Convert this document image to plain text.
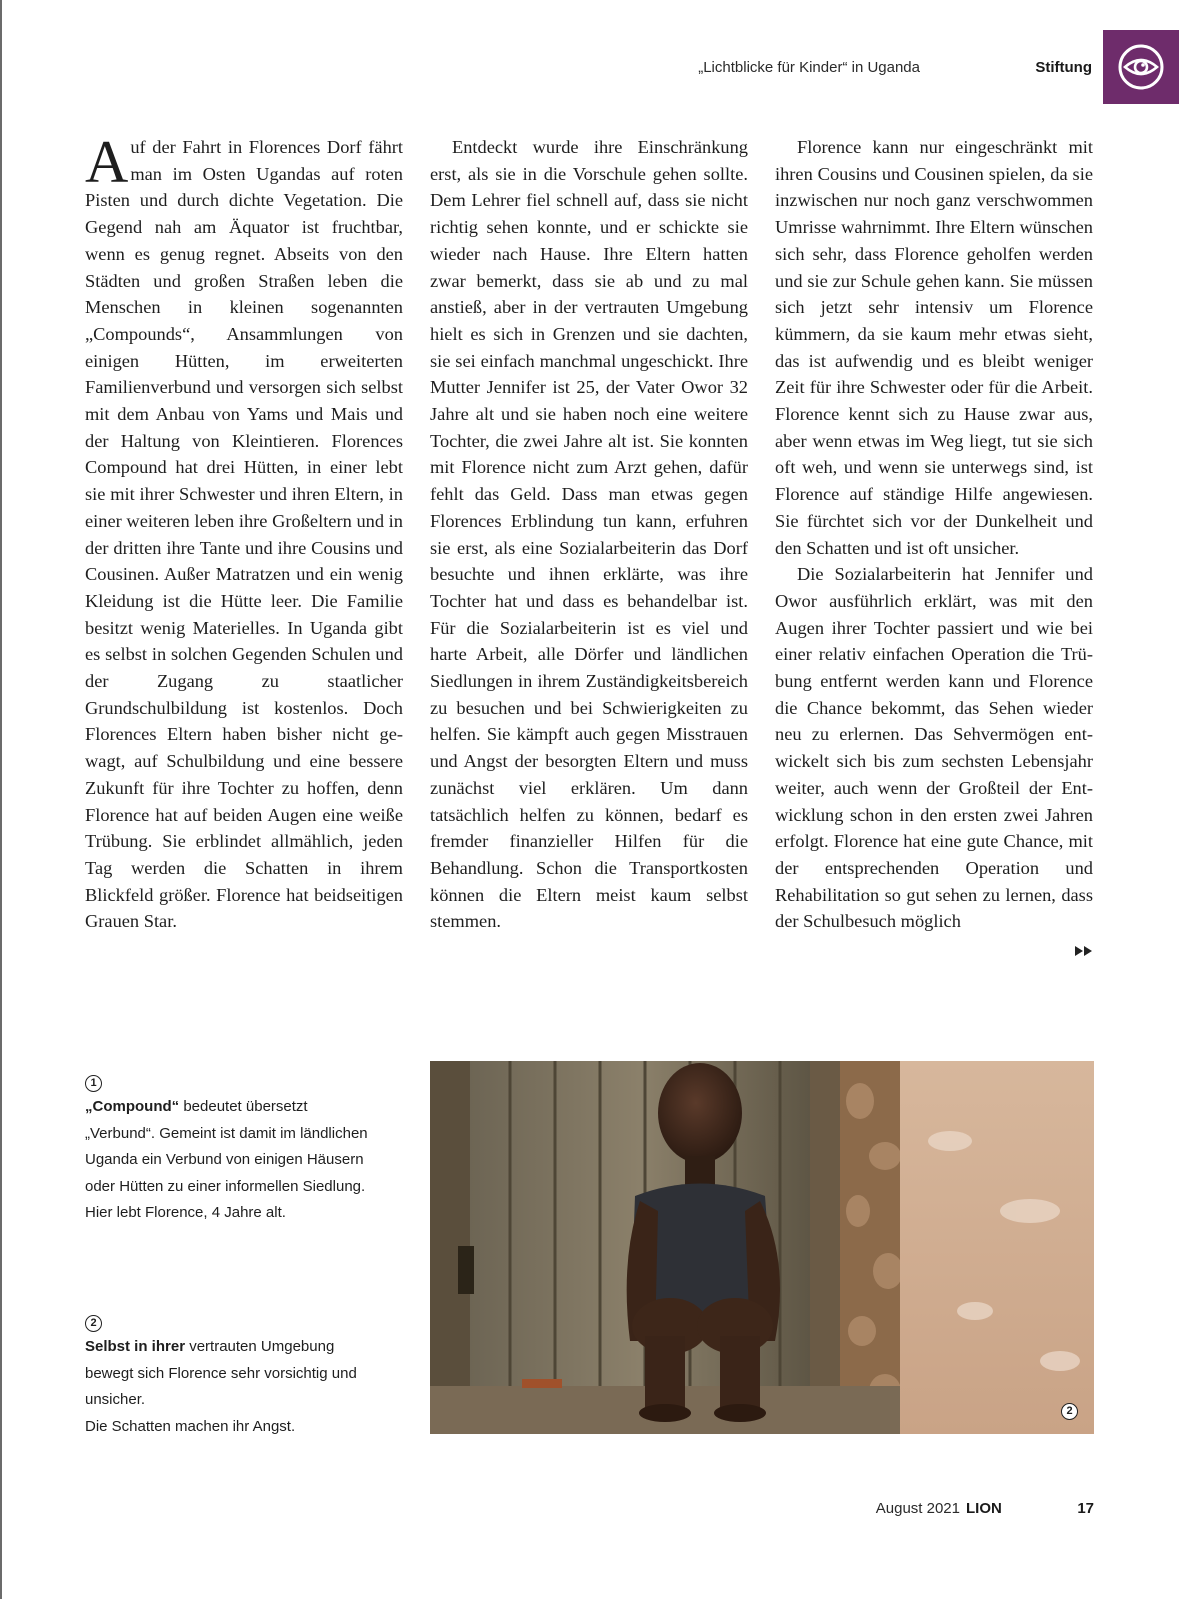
„Lichtblicke für Kinder“ in Uganda	Stiftung

Auf der Fahrt in Florences Dorf fährt man im Osten Ugandas auf roten Pisten und durch dichte Vegetation. Die Gegend nah am Äquator ist fruchtbar, wenn es genug regnet. Abseits von den Städten und großen Straßen leben die Menschen in kleinen sogenannten „Compounds“, Ansammlungen von einigen Hütten, im erweiterten Familienverbund und versorgen sich selbst mit dem Anbau von Yams und Mais und der Haltung von Kleintieren. Florences Compound hat drei Hütten, in einer lebt sie mit ihrer Schwester und ihren Eltern, in einer weiteren leben ihre Großeltern und in der dritten ihre Tante und ihre Cousins und Cousinen. Außer Matratzen und ein wenig Kleidung ist die Hütte leer. Die Familie besitzt wenig Materielles. In Uganda gibt es selbst in solchen Gegenden Schulen und der Zugang zu staatlicher Grundschulbildung ist kostenlos. Doch Florences Eltern haben bisher nicht gewagt, auf Schulbildung und eine bessere Zukunft für ihre Tochter zu hoffen, denn Florence hat auf beiden Augen eine weiße Trübung. Sie erblindet allmählich, jeden Tag werden die Schatten in ihrem Blickfeld größer. Florence hat beidseitigen Grauen Star.

Entdeckt wurde ihre Einschränkung erst, als sie in die Vorschule gehen sollte. Dem Lehrer fiel schnell auf, dass sie nicht richtig sehen konnte, und er schickte sie wieder nach Hause. Ihre Eltern hatten zwar bemerkt, dass sie ab und zu mal anstieß, aber in der vertrauten Umgebung hielt es sich in Grenzen und sie dachten, sie sei einfach manchmal ungeschickt. Ihre Mutter Jennifer ist 25, der Vater Owor 32 Jahre alt und sie haben noch eine weitere Tochter, die zwei Jahre alt ist. Sie konnten mit Florence nicht zum Arzt gehen, dafür fehlt das Geld. Dass man etwas gegen Florences Erblindung tun kann, erfuhren sie erst, als eine Sozialarbeiterin das Dorf besuchte und ihnen erklärte, was ihre Tochter hat und dass es behandelbar ist. Für die Sozialarbeiterin ist es viel und harte Arbeit, alle Dörfer und ländlichen Siedlungen in ihrem Zuständigkeitsbereich zu besuchen und bei Schwierigkeiten zu helfen. Sie kämpft auch gegen Misstrauen und Angst der besorgten Eltern und muss zunächst viel erklären. Um dann tatsächlich helfen zu können, bedarf es fremder finanzieller Hilfen für die Behandlung. Schon die Transportkosten können die Eltern meist kaum selbst stemmen.

Florence kann nur eingeschränkt mit ihren Cousins und Cousinen spielen, da sie inzwischen nur noch ganz verschwommen Umrisse wahrnimmt. Ihre Eltern wünschen sich sehr, dass Florence geholfen werden und sie zur Schule gehen kann. Sie müssen sich jetzt sehr intensiv um Florence kümmern, da sie kaum mehr etwas sieht, das ist aufwendig und es bleibt weniger Zeit für ihre Schwester oder für die Arbeit. Florence kennt sich zu Hause zwar aus, aber wenn etwas im Weg liegt, tut sie sich oft weh, und wenn sie unterwegs sind, ist Florence auf ständige Hilfe angewiesen. Sie fürchtet sich vor der Dunkelheit und den Schatten und ist oft unsicher.

Die Sozialarbeiterin hat Jennifer und Owor ausführlich erklärt, was mit den Augen ihrer Tochter passiert und wie bei einer relativ einfachen Operation die Trübung entfernt werden kann und Florence die Chance bekommt, das Sehen wieder neu zu erlernen. Das Sehvermögen entwickelt sich bis zum sechsten Lebensjahr weiter, auch wenn der Großteil der Entwicklung schon in den ersten zwei Jahren erfolgt. Florence hat eine gute Chance, mit der entsprechenden Operation und Rehabilitation so gut sehen zu lernen, dass der Schulbesuch möglich

1
„Compound“ bedeutet übersetzt „Verbund“. Gemeint ist damit im ländlichen Uganda ein Verbund von einigen Häusern oder Hütten zu einer informellen Siedlung.
Hier lebt Florence, 4 Jahre alt.
2
Selbst in ihrer vertrauten Umgebung bewegt sich Florence sehr vorsichtig und unsicher.
Die Schatten machen ihr Angst.
2
August 2021 LION	17
